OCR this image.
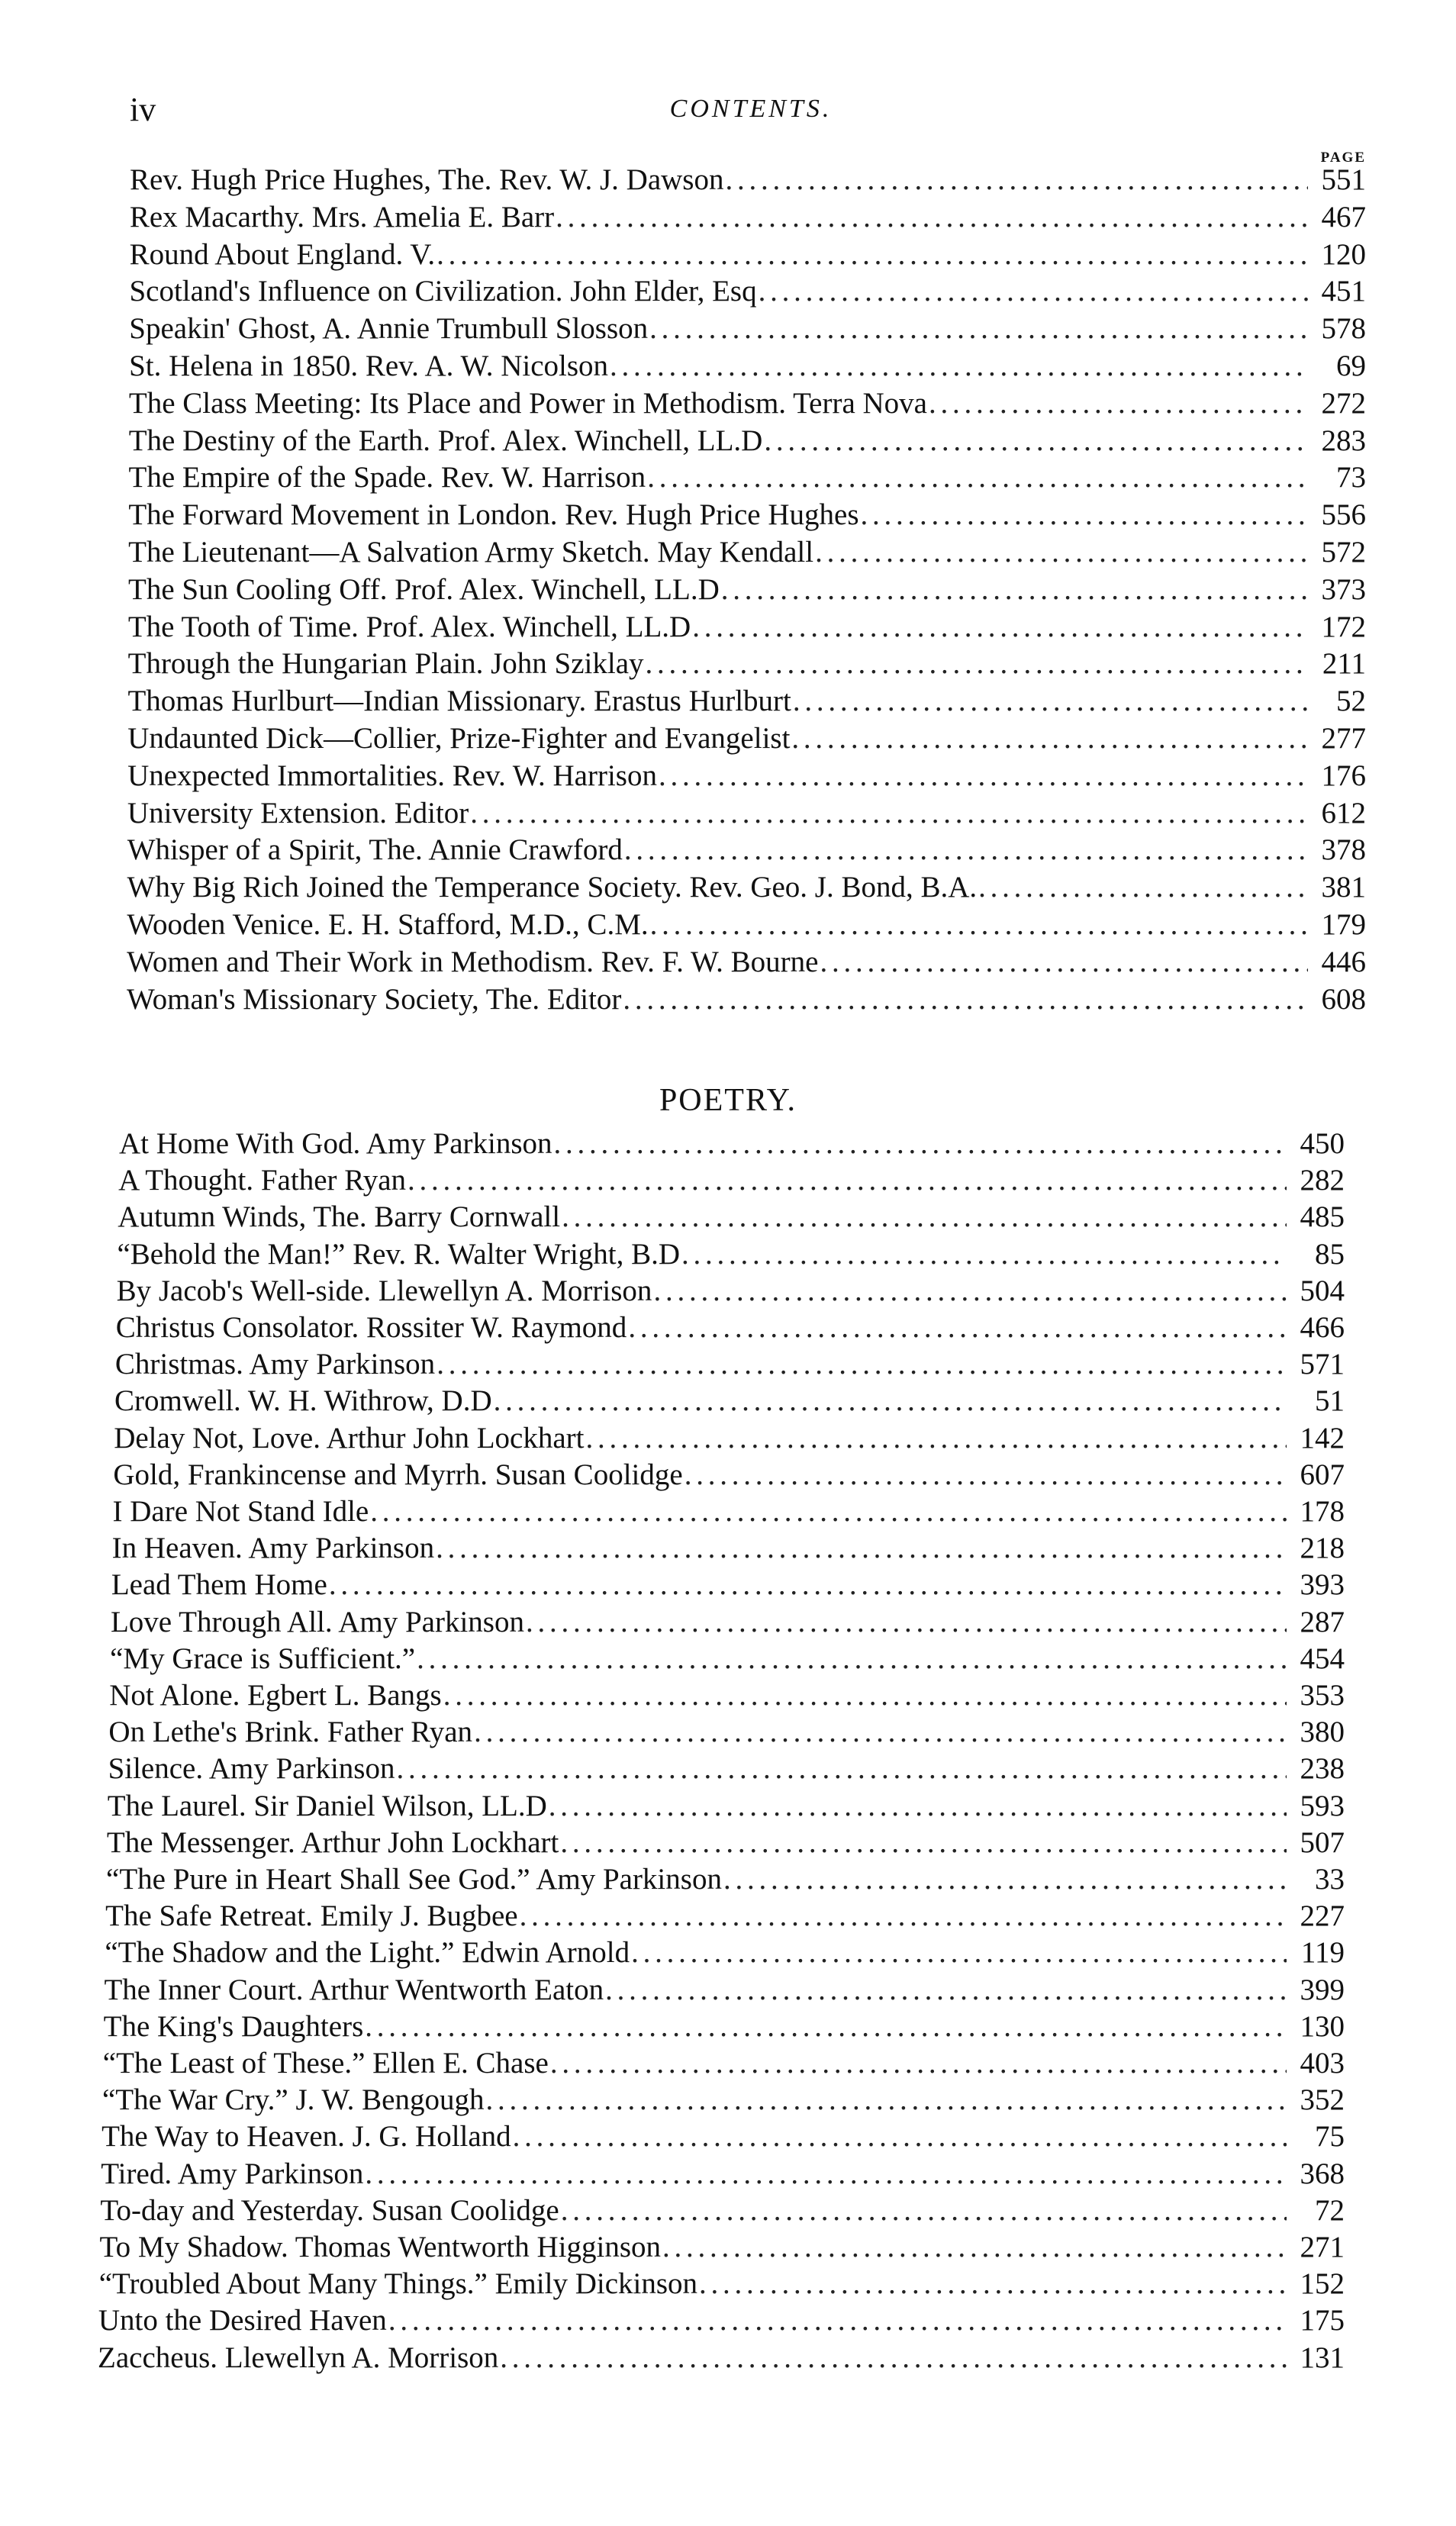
iv	CONTENTS.
PAGE
Rev. Hugh Price Hughes, The. Rev. W. J. Dawson . . .	551
Rex Macarthy. Mrs. Amelia E. Barr . . .	467
Round About England. V. . . .	120
Scotland's Influence on Civilization. John Elder, Esq . . .	451
Speakin' Ghost, A. Annie Trumbull Slosson . . .	578
St. Helena in 1850. Rev. A. W. Nicolson . . .	69
The Class Meeting: Its Place and Power in Methodism. Terra Nova . . .	272
The Destiny of the Earth. Prof. Alex. Winchell, LL.D . . .	283
The Empire of the Spade. Rev. W. Harrison . . .	73
The Forward Movement in London. Rev. Hugh Price Hughes . . .	556
The Lieutenant—A Salvation Army Sketch. May Kendall . . .	572
The Sun Cooling Off. Prof. Alex. Winchell, LL.D . . .	373
The Tooth of Time. Prof. Alex. Winchell, LL.D . . .	172
Through the Hungarian Plain. John Sziklay . . .	211
Thomas Hurlburt—Indian Missionary. Erastus Hurlburt . . .	52
Undaunted Dick—Collier, Prize-Fighter and Evangelist . . .	277
Unexpected Immortalities. Rev. W. Harrison . . .	176
University Extension. Editor . . .	612
Whisper of a Spirit, The. Annie Crawford . . .	378
Why Big Rich Joined the Temperance Society. Rev. Geo. J. Bond, B.A. . . .	381
Wooden Venice. E. H. Stafford, M.D., C.M. . . .	179
Women and Their Work in Methodism. Rev. F. W. Bourne . . .	446
Woman's Missionary Society, The. Editor . . .	608
POETRY.
At Home With God. Amy Parkinson . . .	450
A Thought. Father Ryan . . .	282
Autumn Winds, The. Barry Cornwall . . .	485
“Behold the Man!” Rev. R. Walter Wright, B.D . . .	85
By Jacob's Well-side. Llewellyn A. Morrison . . .	504
Christus Consolator. Rossiter W. Raymond . . .	466
Christmas. Amy Parkinson . . .	571
Cromwell. W. H. Withrow, D.D . . .	51
Delay Not, Love. Arthur John Lockhart . . .	142
Gold, Frankincense and Myrrh. Susan Coolidge . . .	607
I Dare Not Stand Idle . . .	178
In Heaven. Amy Parkinson . . .	218
Lead Them Home . . .	393
Love Through All. Amy Parkinson . . .	287
“My Grace is Sufficient.” . . .	454
Not Alone. Egbert L. Bangs . . .	353
On Lethe's Brink. Father Ryan . . .	380
Silence. Amy Parkinson . . .	238
The Laurel. Sir Daniel Wilson, LL.D . . .	593
The Messenger. Arthur John Lockhart . . .	507
“The Pure in Heart Shall See God.” Amy Parkinson . . .	33
The Safe Retreat. Emily J. Bugbee . . .	227
“The Shadow and the Light.” Edwin Arnold . . .	119
The Inner Court. Arthur Wentworth Eaton . . .	399
The King's Daughters . . .	130
“The Least of These.” Ellen E. Chase . . .	403
“The War Cry.” J. W. Bengough . . .	352
The Way to Heaven. J. G. Holland . . .	75
Tired. Amy Parkinson . . .	368
To-day and Yesterday. Susan Coolidge . . .	72
To My Shadow. Thomas Wentworth Higginson . . .	271
“Troubled About Many Things.” Emily Dickinson . . .	152
Unto the Desired Haven . . .	175
Zaccheus. Llewellyn A. Morrison . . .	131
